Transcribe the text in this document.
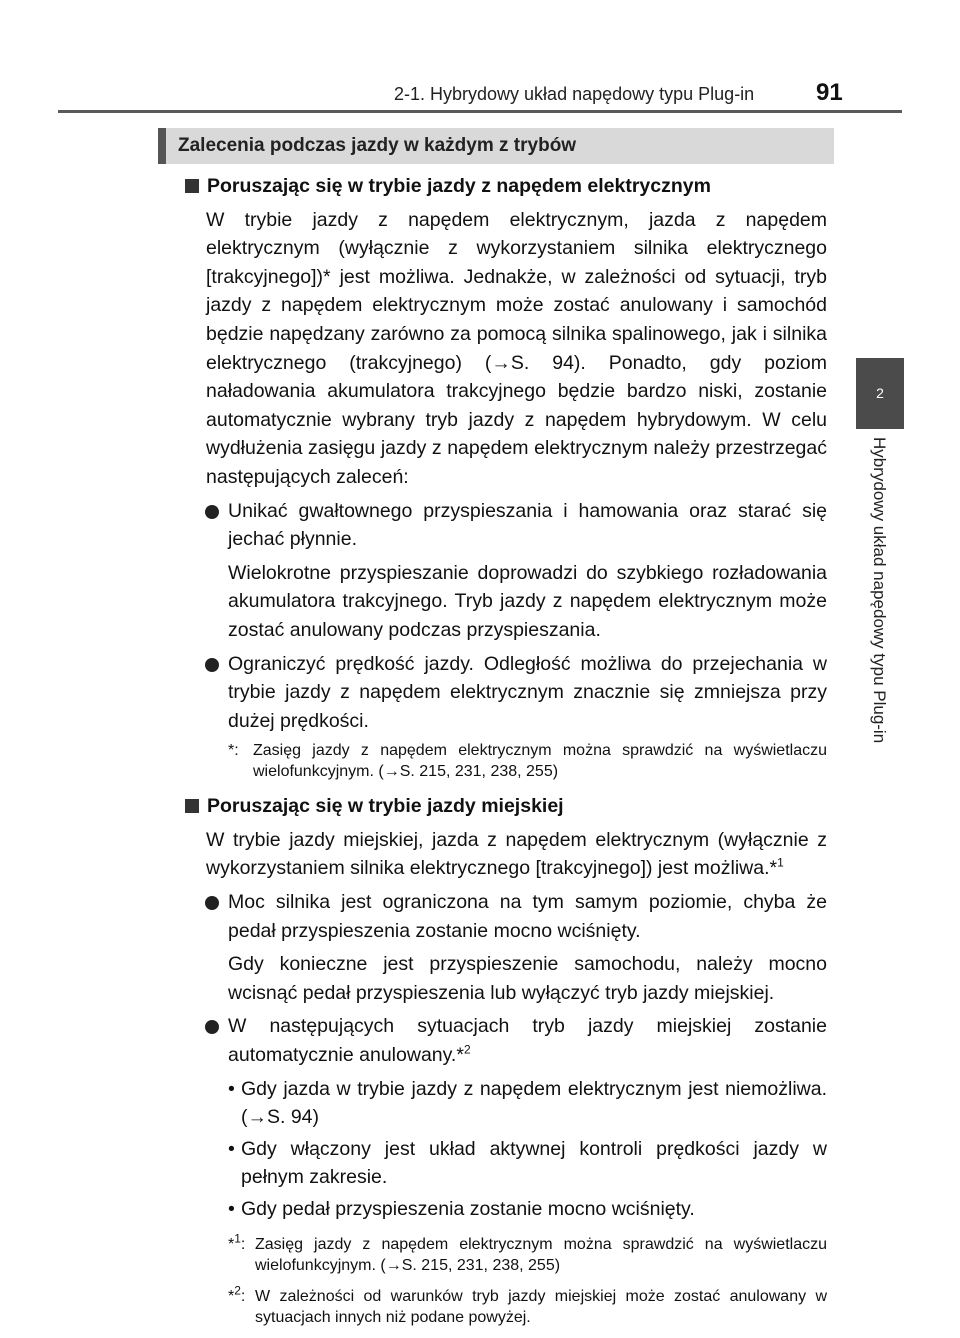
2-1. Hybrydowy układ napędowy typu Plug-in	91
2
Hybrydowy układ napędowy typu Plug-in
Zalecenia podczas jazdy w każdym z trybów
Poruszając się w trybie jazdy z napędem elektrycznym

W trybie jazdy z napędem elektrycznym, jazda z napędem elektrycznym (wyłącznie z wykorzystaniem silnika elektrycznego [trakcyjnego])* jest możliwa. Jednakże, w zależności od sytuacji, tryb jazdy z napędem elektrycznym może zostać anulowany i samochód będzie napędzany zarówno za pomocą silnika spalinowego, jak i silnika elektrycznego (trakcyjnego) (→S. 94). Ponadto, gdy poziom naładowania akumulatora trakcyjnego będzie bardzo niski, zostanie automatycznie wybrany tryb jazdy z napędem hybrydowym. W celu wydłużenia zasięgu jazdy z napędem elektrycznym należy przestrzegać następujących zaleceń:

Unikać gwałtownego przyspieszania i hamowania oraz starać się jechać płynnie.

Wielokrotne przyspieszanie doprowadzi do szybkiego rozładowania akumulatora trakcyjnego. Tryb jazdy z napędem elektrycznym może zostać anulowany podczas przyspieszania.

Ograniczyć prędkość jazdy. Odległość możliwa do przejechania w trybie jazdy z napędem elektrycznym znacznie się zmniejsza przy dużej prędkości.
*: Zasięg jazdy z napędem elektrycznym można sprawdzić na wyświetlaczu wielofunkcyjnym. (→S. 215, 231, 238, 255)
Poruszając się w trybie jazdy miejskiej

W trybie jazdy miejskiej, jazda z napędem elektrycznym (wyłącznie z wykorzystaniem silnika elektrycznego [trakcyjnego]) jest możliwa.*$^1$

Moc silnika jest ograniczona na tym samym poziomie, chyba że pedał przyspieszenia zostanie mocno wciśnięty.

Gdy konieczne jest przyspieszenie samochodu, należy mocno wcisnąć pedał przyspieszenia lub wyłączyć tryb jazdy miejskiej.

W następujących sytuacjach tryb jazdy miejskiej zostanie automatycznie anulowany.*$^2$
• Gdy jazda w trybie jazdy z napędem elektrycznym jest niemożliwa. (→S. 94)
• Gdy włączony jest układ aktywnej kontroli prędkości jazdy w pełnym zakresie.
• Gdy pedał przyspieszenia zostanie mocno wciśnięty.
*$^1$: Zasięg jazdy z napędem elektrycznym można sprawdzić na wyświetlaczu wielofunkcyjnym. (→S. 215, 231, 238, 255)
*$^2$: W zależności od warunków tryb jazdy miejskiej może zostać anulowany w sytuacjach innych niż podane powyżej.
